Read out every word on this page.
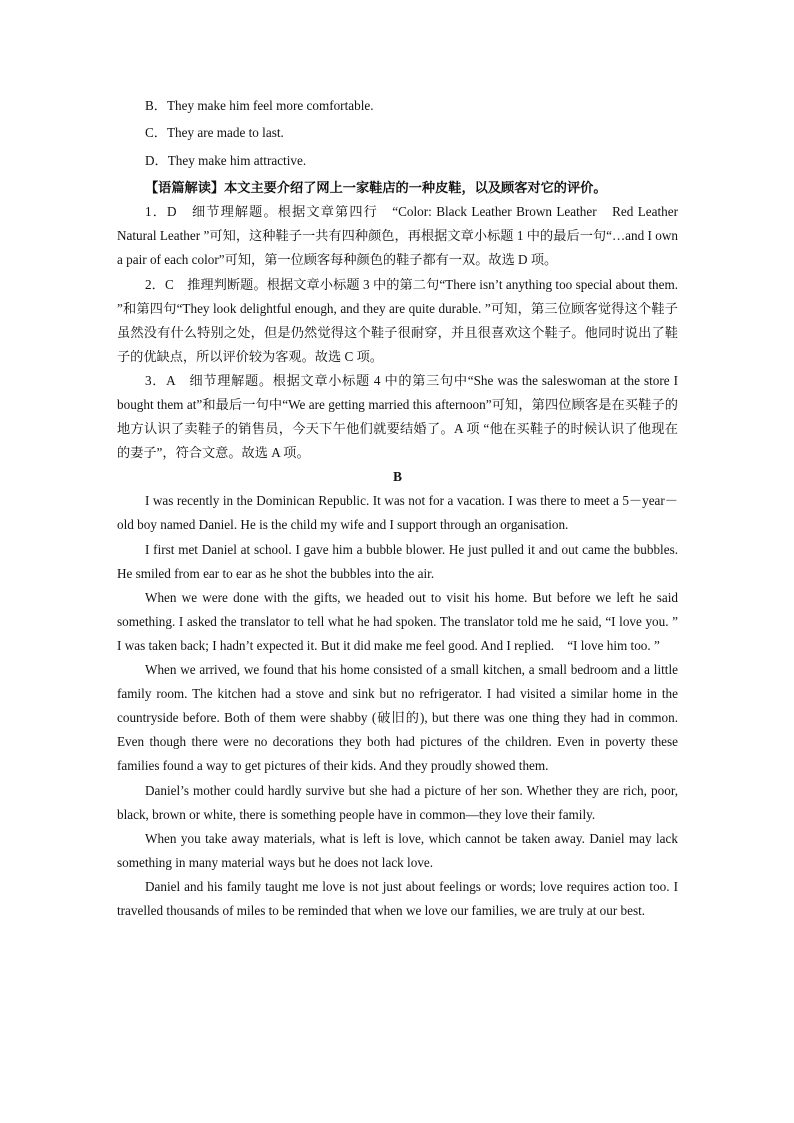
B．They make him feel more comfortable.
C．They are made to last.
D．They make him attractive.

【语篇解读】本文主要介绍了网上一家鞋店的一种皮鞋，以及顾客对它的评价。

1．D　细节理解题。根据文章第四行　“Color: Black Leather Brown Leather　Red Leather　Natural Leather ”可知，这种鞋子一共有四种颜色，再根据文章小标题 1 中的最后一句“…and I own a pair of each color”可知，第一位顾客每种颜色的鞋子都有一双。故选 D 项。

2．C　推理判断题。根据文章小标题 3 中的第二句“There isn’t anything too special about them. ”和第四句“They look delightful enough, and they are quite durable. ”可知，第三位顾客觉得这个鞋子虽然没有什么特别之处，但是仍然觉得这个鞋子很耐穿，并且很喜欢这个鞋子。他同时说出了鞋子的优缺点，所以评价较为客观。故选 C 项。

3．A　细节理解题。根据文章小标题 4 中的第三句中“She was the saleswoman at the store I bought them at”和最后一句中“We are getting married this afternoon”可知，第四位顾客是在买鞋子的地方认识了卖鞋子的销售员，今天下午他们就要结婚了。A 项 “他在买鞋子的时候认识了他现在的妻子”，符合文意。故选 A 项。

B

I was recently in the Dominican Republic. It was not for a vacation. I was there to meet a 5－year－old boy named Daniel. He is the child my wife and I support through an organisation.

I first met Daniel at school. I gave him a bubble blower. He just pulled it and out came the bubbles. He smiled from ear to ear as he shot the bubbles into the air.

When we were done with the gifts, we headed out to visit his home. But before we left he said something. I asked the translator to tell what he had spoken. The translator told me he said, “I love you. ” I was taken back; I hadn’t expected it. But it did make me feel good. And I replied.　“I love him too. ”

When we arrived, we found that his home consisted of a small kitchen, a small bedroom and a little family room. The kitchen had a stove and sink but no refrigerator. I had visited a similar home in the countryside before. Both of them were shabby (破旧的), but there was one thing they had in common. Even though there were no decorations they both had pictures of the children. Even in poverty these families found a way to get pictures of their kids. And they proudly showed them.

Daniel’s mother could hardly survive but she had a picture of her son. Whether they are rich, poor, black, brown or white, there is something people have in common—they love their family.

When you take away materials, what is left is love, which cannot be taken away. Daniel may lack something in many material ways but he does not lack love.

Daniel and his family taught me love is not just about feelings or words; love requires action too. I travelled thousands of miles to be reminded that when we love our families, we are truly at our best.
